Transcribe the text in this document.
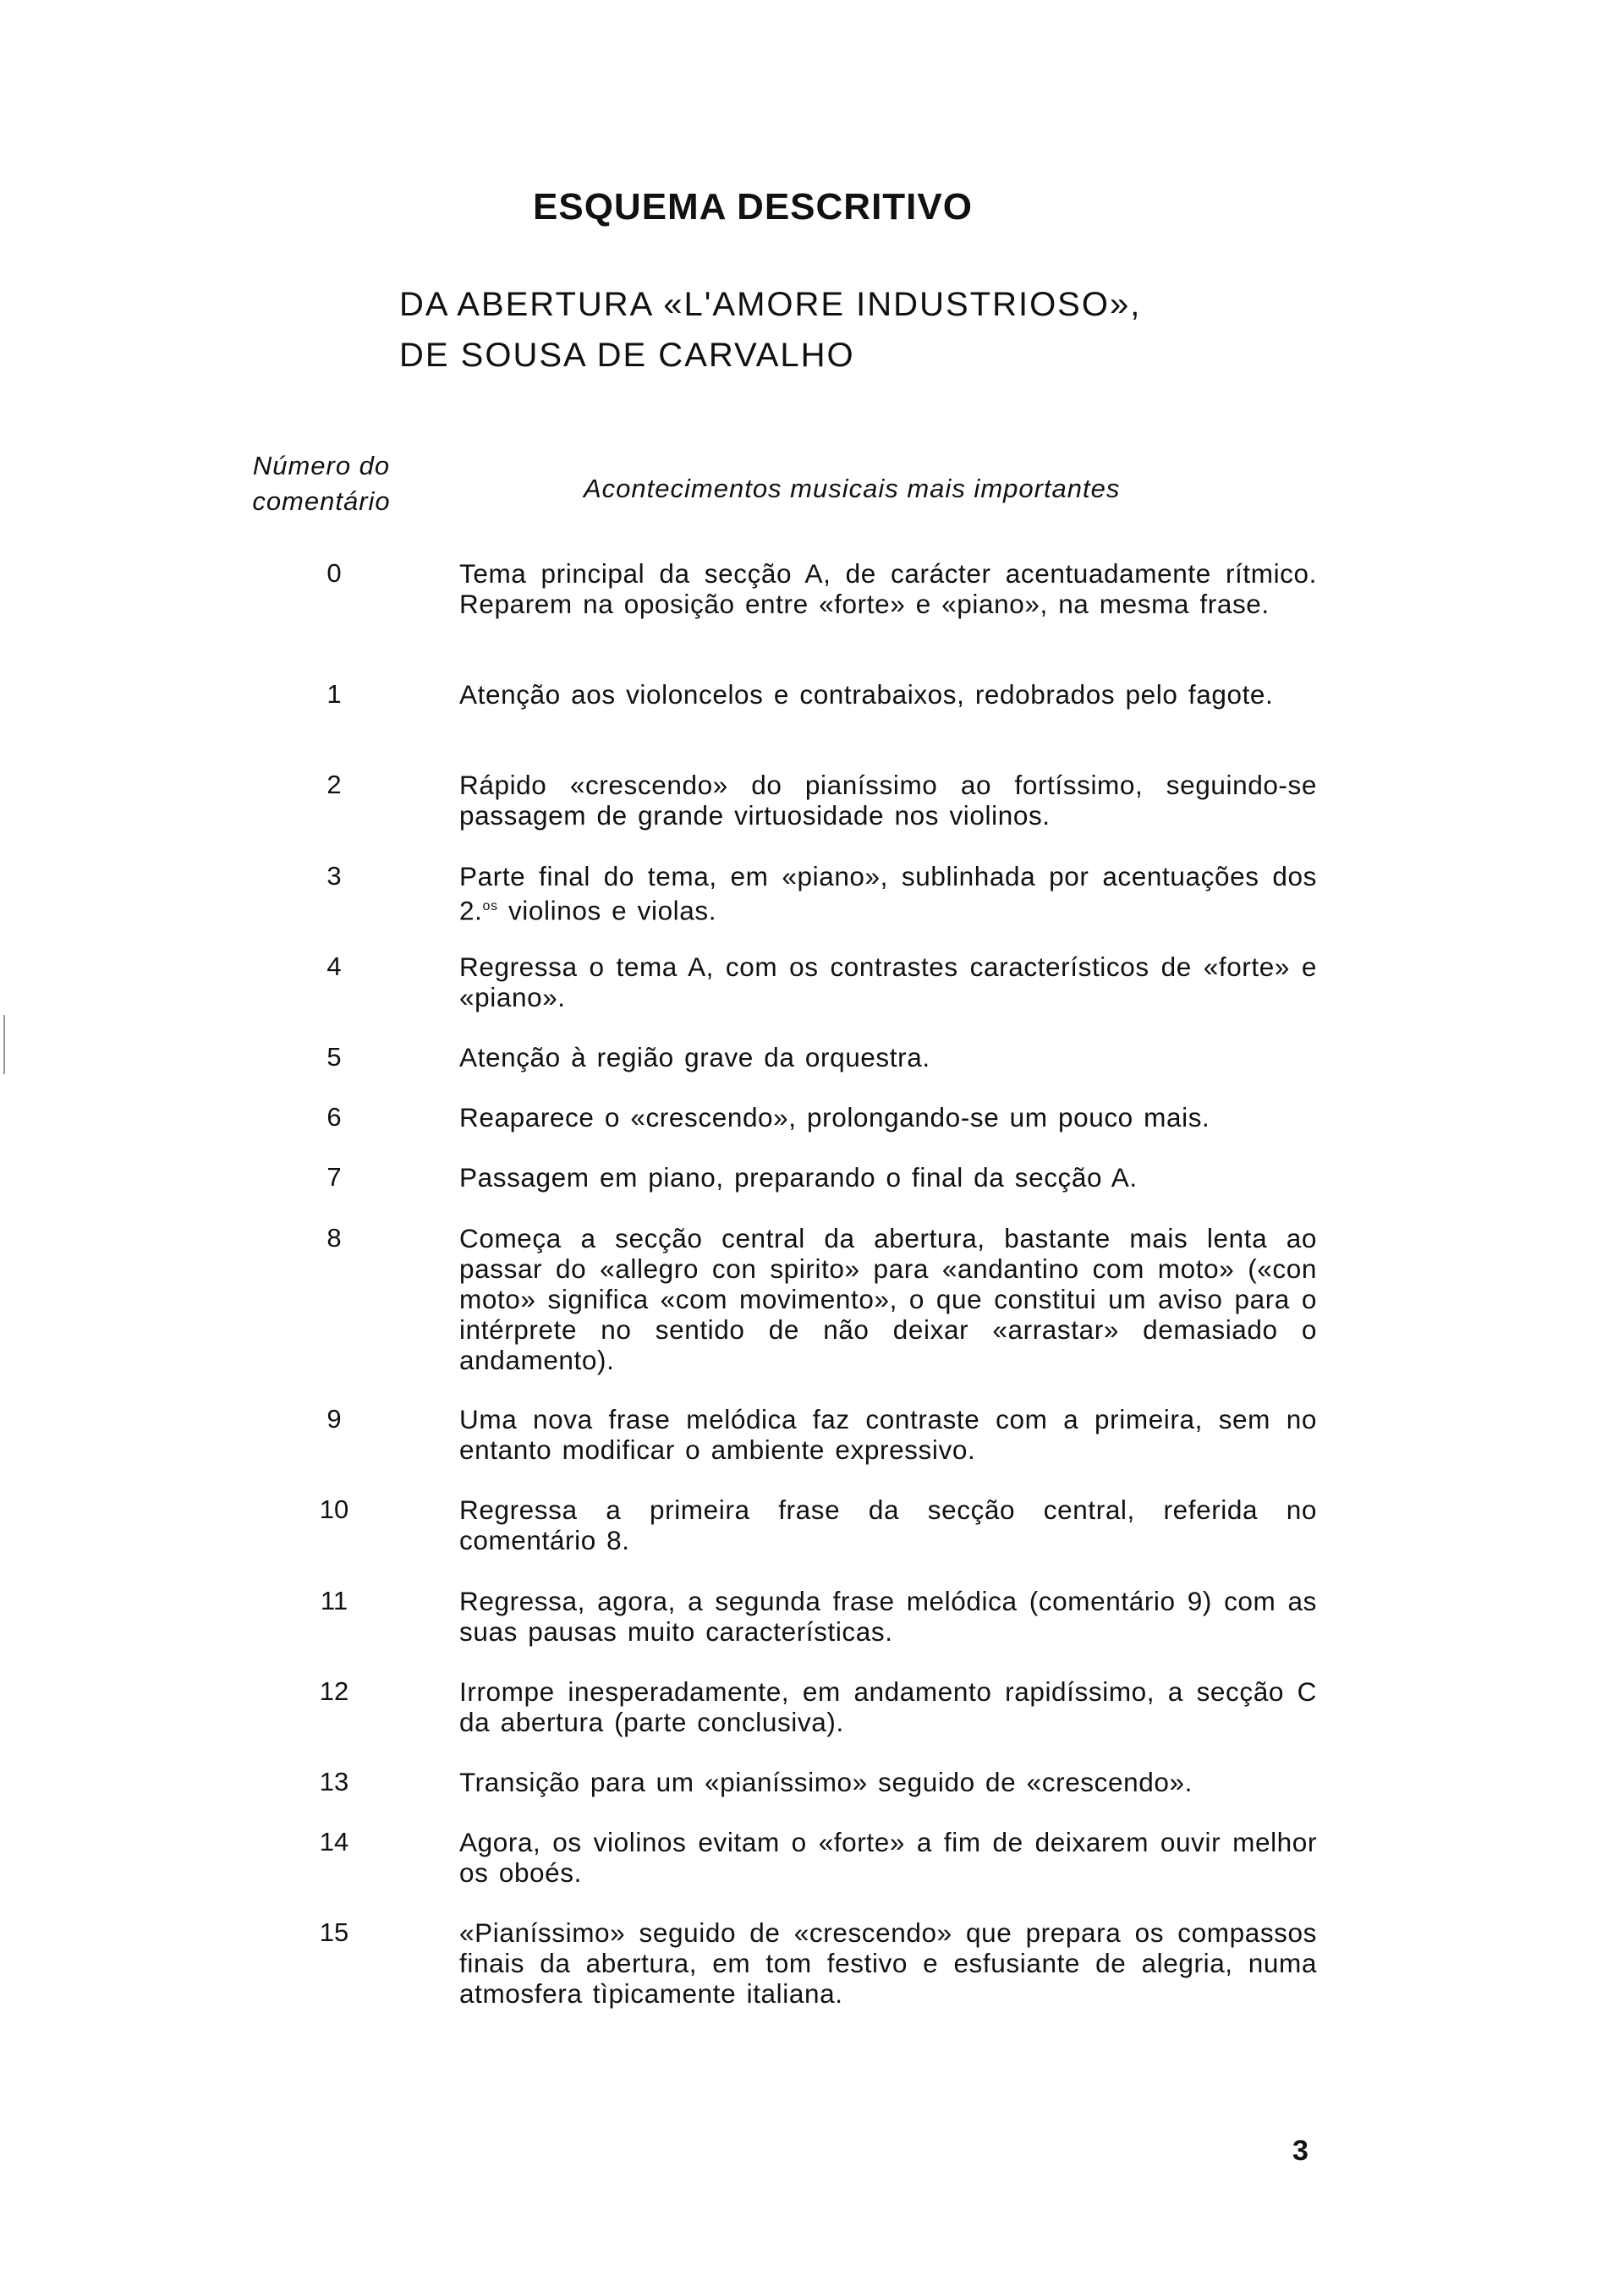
ESQUEMA DESCRITIVO
DA ABERTURA «L'AMORE INDUSTRIOSO»,
DE SOUSA DE CARVALHO
Número do
comentário	Acontecimentos musicais mais importantes
0	Tema principal da secção A, de carácter acentuadamente rítmico. Reparem na oposição entre «forte» e «piano», na mesma frase.
1	Atenção aos violoncelos e contrabaixos, redobrados pelo fagote.
2	Rápido «crescendo» do pianíssimo ao fortíssimo, seguindo-se passagem de grande virtuosidade nos violinos.
3	Parte final do tema, em «piano», sublinhada por acentuações dos 2.$^{os}$ violinos e violas.
4	Regressa o tema A, com os contrastes característicos de «forte» e «piano».
5	Atenção à região grave da orquestra.
6	Reaparece o «crescendo», prolongando-se um pouco mais.
7	Passagem em piano, preparando o final da secção A.
8	Começa a secção central da abertura, bastante mais lenta ao passar do «allegro con spirito» para «andantino com moto» («con moto» significa «com movimento», o que constitui um aviso para o intérprete no sentido de não deixar «arrastar» demasiado o andamento).
9	Uma nova frase melódica faz contraste com a primeira, sem no entanto modificar o ambiente expressivo.
10	Regressa a primeira frase da secção central, referida no comentário 8.
11	Regressa, agora, a segunda frase melódica (comentário 9) com as suas pausas muito características.
12	Irrompe inesperadamente, em andamento rapidíssimo, a secção C da abertura (parte conclusiva).
13	Transição para um «pianíssimo» seguido de «crescendo».
14	Agora, os violinos evitam o «forte» a fim de deixarem ouvir melhor os oboés.
15	«Pianíssimo» seguido de «crescendo» que prepara os compassos finais da abertura, em tom festivo e esfusiante de alegria, numa atmosfera tìpicamente italiana.
3
